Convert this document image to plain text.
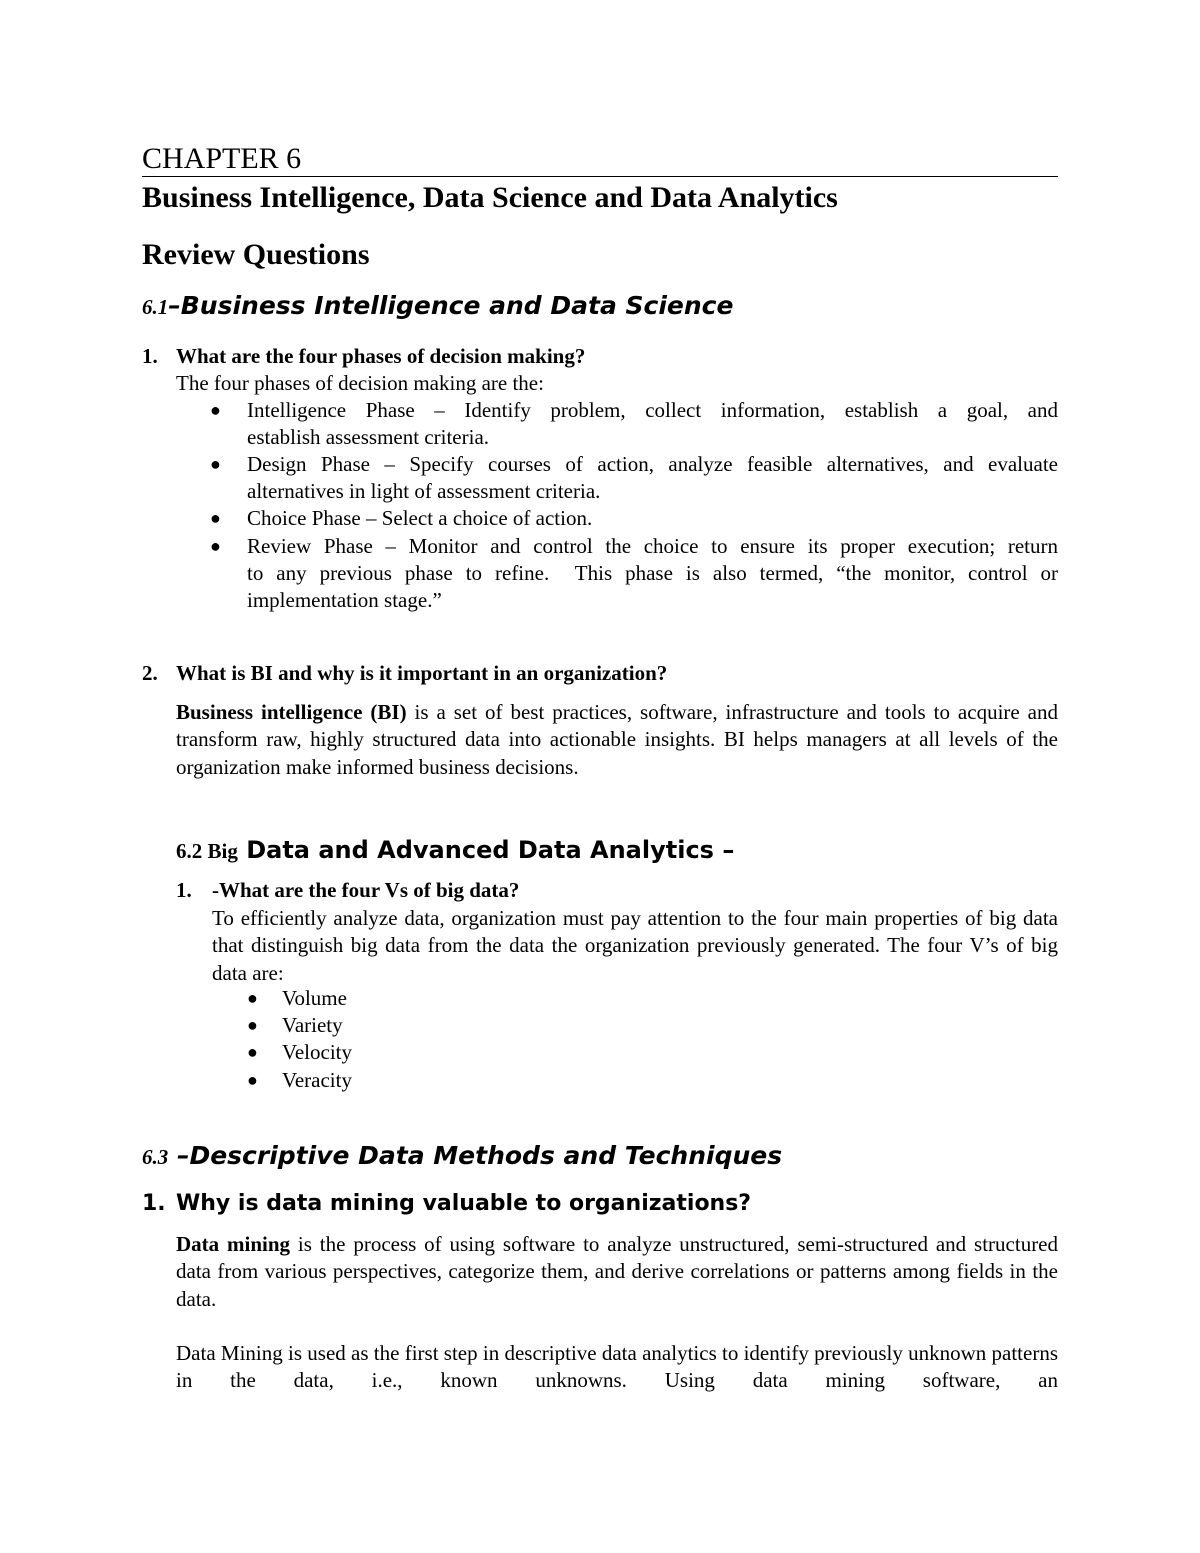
CHAPTER 6
Business Intelligence, Data Science and Data Analytics
Review Questions
6.1–Business Intelligence and Data Science
1. What are the four phases of decision making?
The four phases of decision making are the:
● Intelligence Phase – Identify problem, collect information, establish a goal, and
establish assessment criteria.
● Design Phase – Specify courses of action, analyze feasible alternatives, and evaluate
alternatives in light of assessment criteria.
● Choice Phase – Select a choice of action.
● Review Phase – Monitor and control the choice to ensure its proper execution; return
to any previous phase to refine.  This phase is also termed, “the monitor, control or
implementation stage.”
2. What is BI and why is it important in an organization?
Business intelligence (BI) is a set of best practices, software, infrastructure and tools to acquire and transform raw, highly structured data into actionable insights. BI helps managers at all levels of the organization make informed business decisions.
6.2 Big Data and Advanced Data Analytics –
1. -What are the four Vs of big data?
To efficiently analyze data, organization must pay attention to the four main properties of big data that distinguish big data from the data the organization previously generated. The four V’s of big data are:
● Volume
● Variety
● Velocity
● Veracity
6.3 –Descriptive Data Methods and Techniques
1. Why is data mining valuable to organizations?
Data mining is the process of using software to analyze unstructured, semi-structured and structured data from various perspectives, categorize them, and derive correlations or patterns among fields in the data.
Data Mining is used as the first step in descriptive data analytics to identify previously unknown patterns in the data, i.e., known unknowns. Using data mining software, an
